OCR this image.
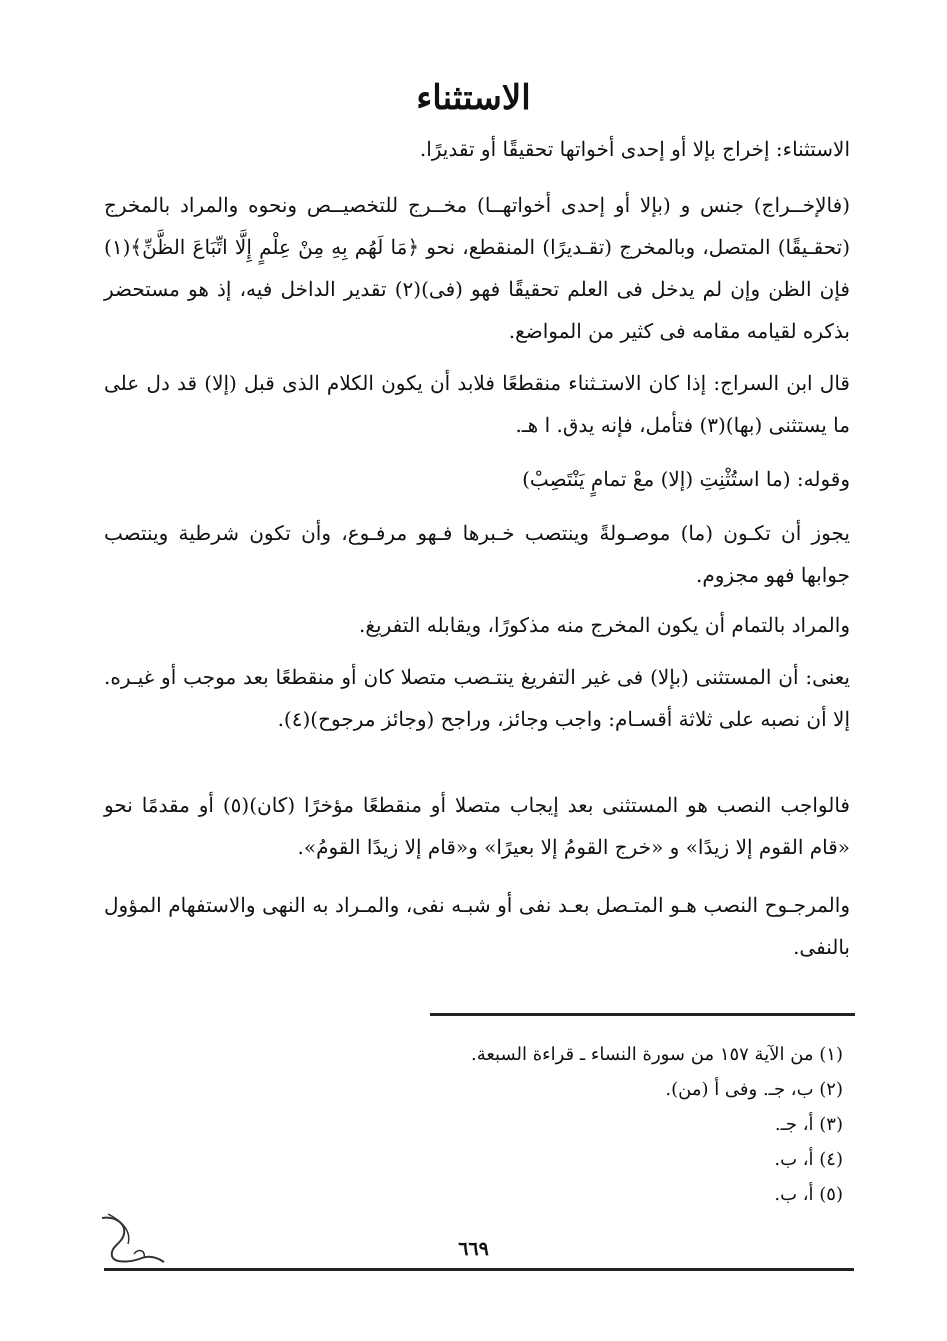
الاستثناء

الاستثناء: إخراج بإلا أو إحدى أخواتها تحقيقًا أو تقديرًا.

(فالإخــراج) جنس و (بإلا أو إحدى أخواتهــا) مخــرج للتخصيــص ونحوه والمراد بالمخرج (تحقـيقًا) المتصل، وبالمخرج (تقـديرًا) المنقطع، نحو ﴿مَا لَهُم بِهِ مِنْ عِلْمٍ إِلَّا اتِّبَاعَ الظَّنِّ﴾(١) فإن الظن وإن لم يدخل فى العلم تحقيقًا فهو (فى)(٢) تقدير الداخل فيه، إذ هو مستحضر بذكره لقيامه مقامه فى كثير من المواضع.

قال ابن السراج: إذا كان الاستـثناء منقطعًا فلابد أن يكون الكلام الذى قبل (إلا) قد دل على ما يستثنى (بها)(٣) فتأمل، فإنه يدق. ا هـ.

وقوله: (ما استُثْنِتِ (إلا) معْ تمامٍ يَنْتَصِبْ)

يجوز أن تكـون (ما) موصـولةً وينتصب خـبرها فـهو مرفـوع، وأن تكون شرطية وينتصب جوابها فهو مجزوم.

والمراد بالتمام أن يكون المخرج منه مذكورًا، ويقابله التفريغ.

يعنى: أن المستثنى (بإلا) فى غير التفريغ ينتـصب متصلا كان أو منقطعًا بعد موجب أو غيـره. إلا أن نصبه على ثلاثة أقسـام: واجب وجائز، وراجح (وجائز مرجوح)(٤).

فالواجب النصب هو المستثنى بعد إيجاب متصلا أو منقطعًا مؤخرًا (كان)(٥) أو مقدمًا نحو «قام القوم إلا زيدًا» و «خرج القومُ إلا بعيرًا» و«قام إلا زيدًا القومُ».

والمرجـوح النصب هـو المتـصل بعـد نفى أو شبـه نفى، والمـراد به النهى والاستفهام المؤول بالنفى.

(١) من الآية ١٥٧ من سورة النساء ـ قراءة السبعة.
(٢) ب، جـ. وفى أ (من).
(٣) أ، جـ.
(٤) أ، ب.
(٥) أ، ب.
٦٦٩
